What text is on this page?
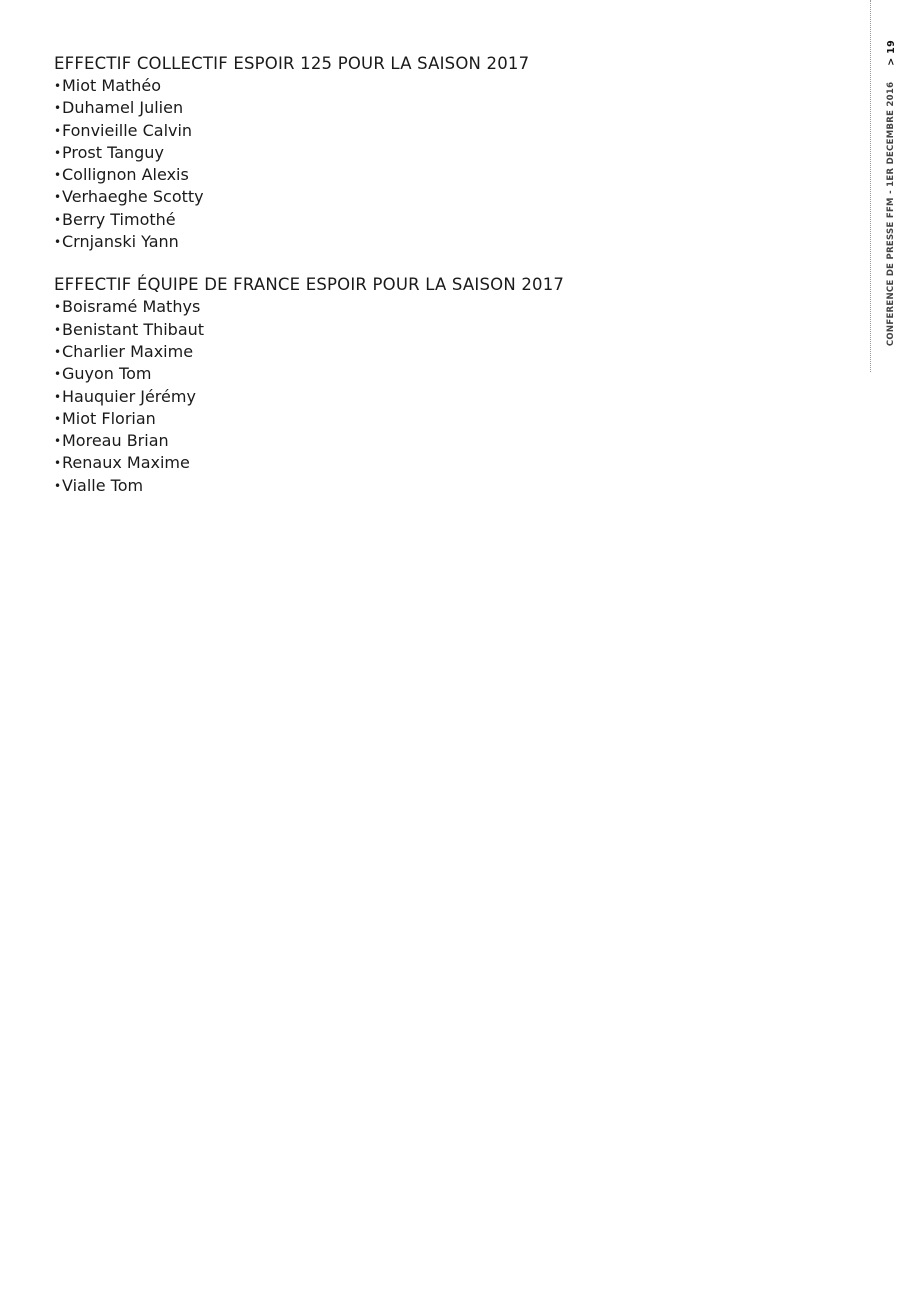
> 19
CONFERENCE DE PRESSE FFM - 1ER DECEMBRE 2016
EFFECTIF COLLECTIF ESPOIR 125 POUR LA SAISON 2017
•Miot Mathéo
•Duhamel Julien
•Fonvieille Calvin
•Prost Tanguy
•Collignon Alexis
•Verhaeghe Scotty
•Berry Timothé
•Crnjanski Yann
EFFECTIF ÉQUIPE DE FRANCE ESPOIR POUR LA SAISON 2017
•Boisramé Mathys
•Benistant Thibaut
•Charlier Maxime
•Guyon Tom
•Hauquier Jérémy
•Miot Florian
•Moreau Brian
•Renaux Maxime
•Vialle Tom
